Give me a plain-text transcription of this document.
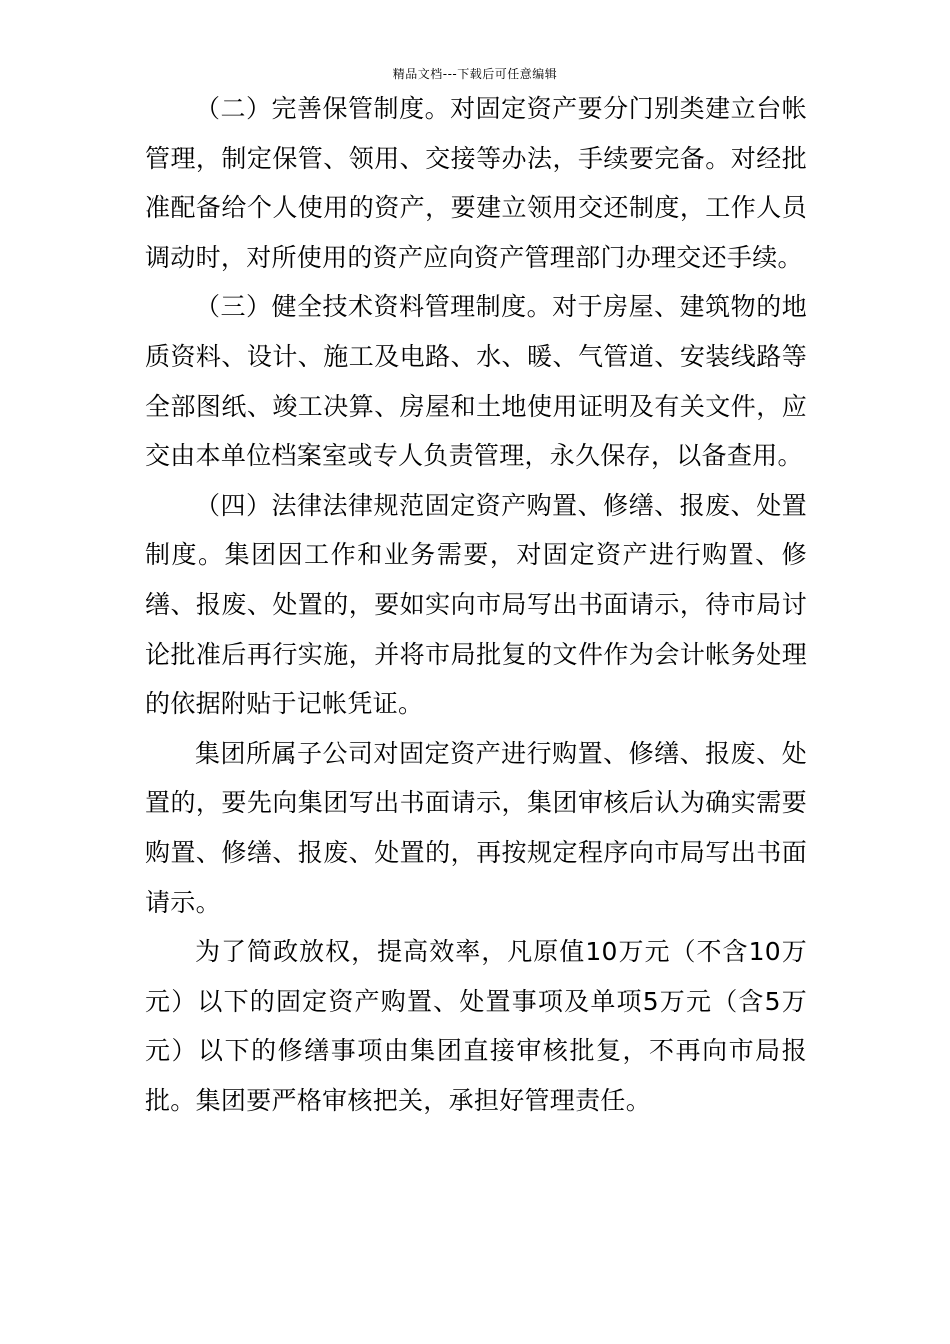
精品文档---下载后可任意编辑

（二）完善保管制度。对固定资产要分门别类建立台帐管理，制定保管、领用、交接等办法，手续要完备。对经批准配备给个人使用的资产，要建立领用交还制度，工作人员调动时，对所使用的资产应向资产管理部门办理交还手续。

（三）健全技术资料管理制度。对于房屋、建筑物的地质资料、设计、施工及电路、水、暖、气管道、安装线路等全部图纸、竣工决算、房屋和土地使用证明及有关文件，应交由本单位档案室或专人负责管理，永久保存，以备查用。

（四）法律法律规范固定资产购置、修缮、报废、处置制度。集团因工作和业务需要，对固定资产进行购置、修缮、报废、处置的，要如实向市局写出书面请示，待市局讨论批准后再行实施，并将市局批复的文件作为会计帐务处理的依据附贴于记帐凭证。

集团所属子公司对固定资产进行购置、修缮、报废、处置的，要先向集团写出书面请示，集团审核后认为确实需要购置、修缮、报废、处置的，再按规定程序向市局写出书面请示。

为了简政放权，提高效率，凡原值10万元（不含10万元）以下的固定资产购置、处置事项及单项5万元（含5万元）以下的修缮事项由集团直接审核批复，不再向市局报批。集团要严格审核把关，承担好管理责任。
